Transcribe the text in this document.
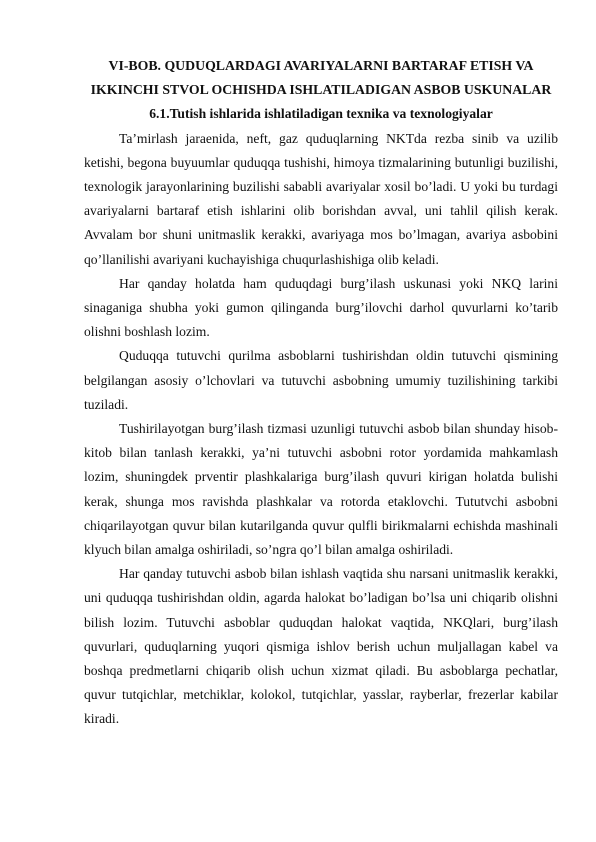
VI-BOB. QUDUQLARDAGI AVARIYALARNI BARTARAF ETISH VA IKKINCHI STVOL OCHISHDA ISHLATILADIGAN ASBOB USKUNALAR
6.1.Tutish ishlarida ishlatiladigan texnika va texnologiyalar

Ta’mirlash jaraenida, neft, gaz quduqlarning NKTda rezba sinib va uzilib ketishi, begona buyuumlar quduqqa tushishi, himoya tizmalarining butunligi buzilishi, texnologik jarayonlarining buzilishi sababli avariyalar xosil bo’ladi. U yoki bu turdagi avariyalarni bartaraf etish ishlarini olib borishdan avval, uni tahlil qilish kerak. Avvalam bor shuni unitmaslik kerakki, avariyaga mos bo’lmagan, avariya asbobini qo’llanilishi avariyani kuchayishiga chuqurlashishiga olib keladi.

Har qanday holatda ham quduqdagi burg’ilash uskunasi yoki NKQ larini sinaganiga shubha yoki gumon qilinganda burg’ilovchi darhol quvurlarni ko’tarib olishni boshlash lozim.

Quduqqa tutuvchi qurilma asboblarni tushirishdan oldin tutuvchi qismining belgilangan asosiy o’lchovlari va tutuvchi asbobning umumiy tuzilishining tarkibi tuziladi.

Tushirilayotgan burg’ilash tizmasi uzunligi tutuvchi asbob bilan shunday hisob-kitob bilan tanlash kerakki, ya’ni tutuvchi asbobni rotor yordamida mahkamlash lozim, shuningdek prventir plashkalariga burg’ilash quvuri kirigan holatda bulishi kerak, shunga mos ravishda plashkalar va rotorda etaklovchi. Tututvchi asbobni chiqarilayotgan quvur bilan kutarilganda quvur qulfli birikmalarni echishda mashinali klyuch bilan amalga oshiriladi, so’ngra qo’l bilan amalga oshiriladi.

Har qanday tutuvchi asbob bilan ishlash vaqtida shu narsani unitmaslik kerakki, uni quduqqa tushirishdan oldin, agarda halokat bo’ladigan bo’lsa uni chiqarib olishni bilish lozim. Tutuvchi asboblar quduqdan halokat vaqtida, NKQlari, burg’ilash quvurlari, quduqlarning yuqori qismiga ishlov berish uchun muljallagan kabel va boshqa predmetlarni chiqarib olish uchun xizmat qiladi. Bu asboblarga pechatlar, quvur tutqichlar, metchiklar, kolokol, tutqichlar, yasslar, rayberlar, frezerlar kabilar kiradi.
